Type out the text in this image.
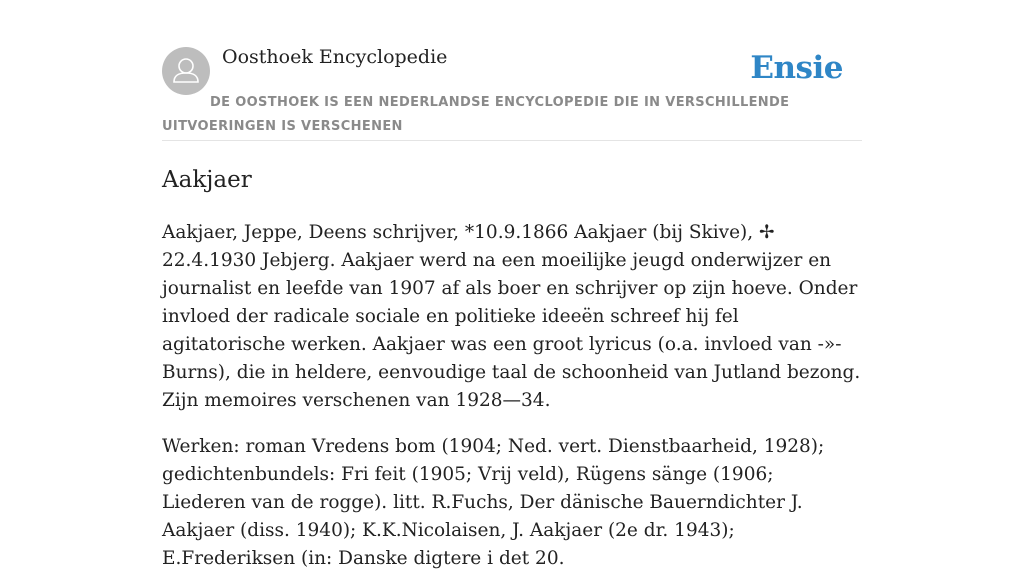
Oosthoek Encyclopedie	Ensie
DE OOSTHOEK IS EEN NEDERLANDSE ENCYCLOPEDIE DIE IN VERSCHILLENDE UITVOERINGEN IS VERSCHENEN
Aakjaer

Aakjaer, Jeppe, Deens schrijver, *10.9.1866 Aakjaer (bij Skive), ✢ 22.4.1930 Jebjerg. Aakjaer werd na een moeilijke jeugd onderwijzer en journalist en leefde van 1907 af als boer en schrijver op zijn hoeve. Onder invloed der radicale sociale en politieke ideeën schreef hij fel agitatorische werken. Aakjaer was een groot lyricus (o.a. invloed van -»-Burns), die in heldere, eenvoudige taal de schoonheid van Jutland bezong. Zijn memoires verschenen van 1928—34.

Werken: roman Vredens bom (1904; Ned. vert. Dienstbaarheid, 1928); gedichtenbundels: Fri feit (1905; Vrij veld), Rügens sänge (1906; Liederen van de rogge). litt. R.Fuchs, Der dänische Bauerndichter J. Aakjaer (diss. 1940); K.K.Nicolaisen, J. Aakjaer (2e dr. 1943); E.Frederiksen (in: Danske digtere i det 20.
